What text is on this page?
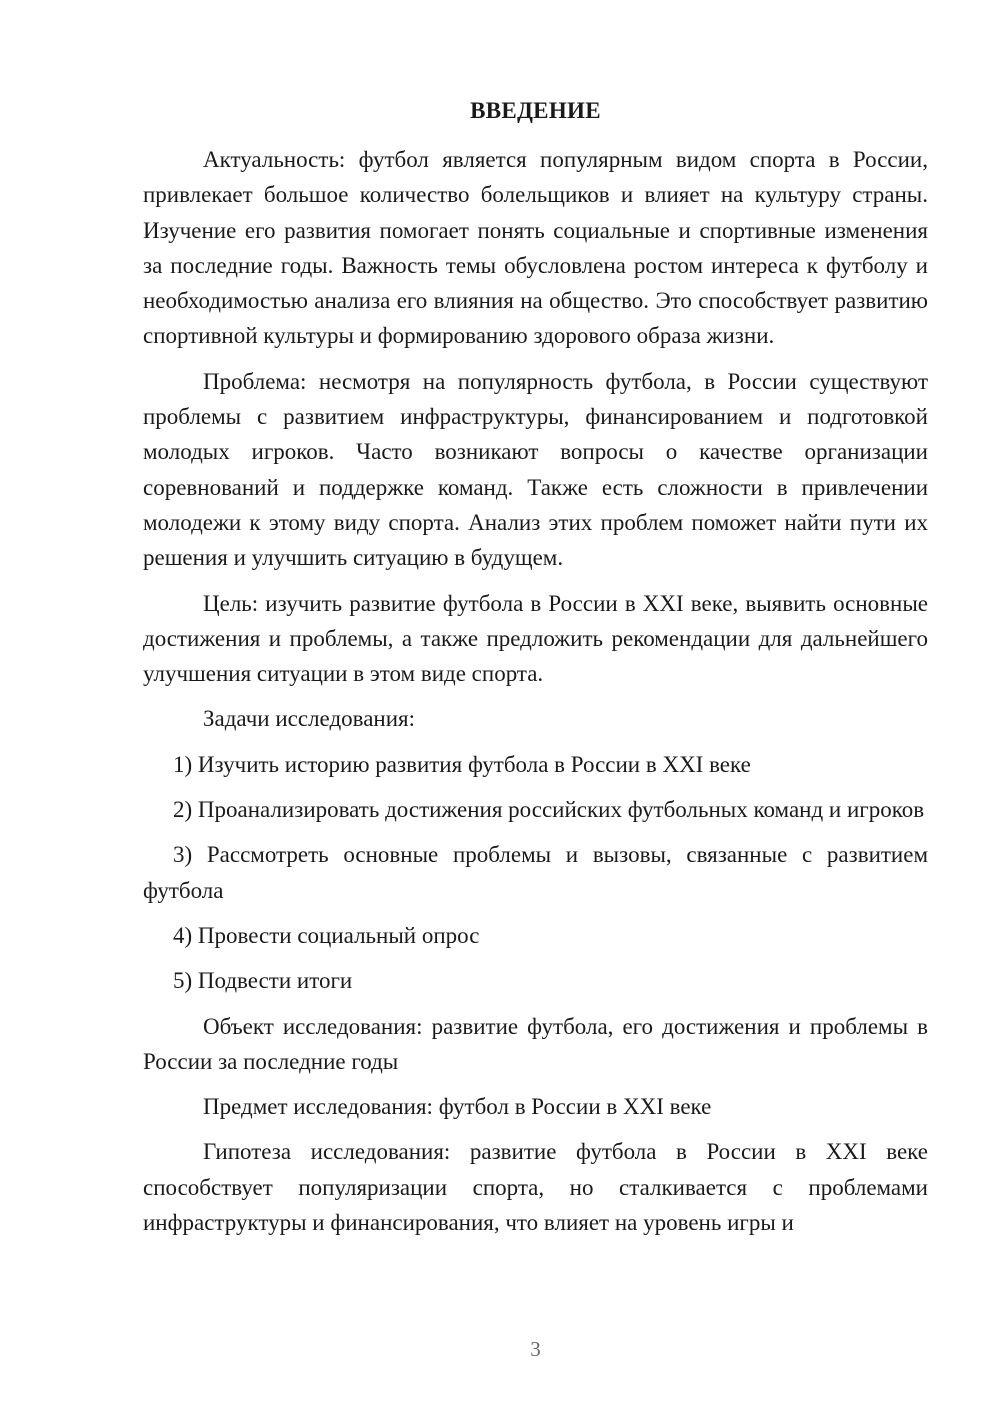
ВВЕДЕНИЕ

Актуальность: футбол является популярным видом спорта в России, привлекает большое количество болельщиков и влияет на культуру страны. Изучение его развития помогает понять социальные и спортивные изменения за последние годы. Важность темы обусловлена ростом интереса к футболу и необходимостью анализа его влияния на общество. Это способствует развитию спортивной культуры и формированию здорового образа жизни.

Проблема: несмотря на популярность футбола, в России существуют проблемы с развитием инфраструктуры, финансированием и подготовкой молодых игроков. Часто возникают вопросы о качестве организации соревнований и поддержке команд. Также есть сложности в привлечении молодежи к этому виду спорта. Анализ этих проблем поможет найти пути их решения и улучшить ситуацию в будущем.

Цель: изучить развитие футбола в России в XXI веке, выявить основные достижения и проблемы, а также предложить рекомендации для дальнейшего улучшения ситуации в этом виде спорта.

Задачи исследования:

1) Изучить историю развития футбола в России в XXI веке

2) Проанализировать достижения российских футбольных команд и игроков

3) Рассмотреть основные проблемы и вызовы, связанные с развитием футбола

4) Провести социальный опрос

5) Подвести итоги

Объект исследования: развитие футбола, его достижения и проблемы в России за последние годы

Предмет исследования: футбол в России в XXI веке

Гипотеза исследования: развитие футбола в России в XXI веке способствует популяризации спорта, но сталкивается с проблемами инфраструктуры и финансирования, что влияет на уровень игры и

3
